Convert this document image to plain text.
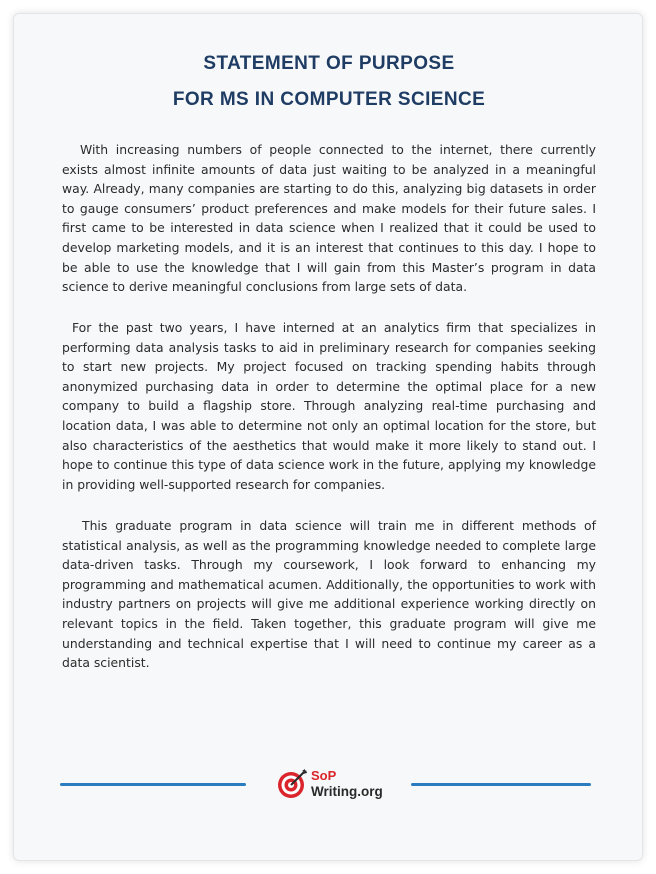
STATEMENT OF PURPOSE
FOR MS IN COMPUTER SCIENCE

With increasing numbers of people connected to the internet, there currently exists almost infinite amounts of data just waiting to be analyzed in a meaningful way. Already, many companies are starting to do this, analyzing big datasets in order to gauge consumers’ product preferences and make models for their future sales. I first came to be interested in data science when I realized that it could be used to develop marketing models, and it is an interest that continues to this day. I hope to be able to use the knowledge that I will gain from this Master’s program in data science to derive meaningful conclusions from large sets of data.

For the past two years, I have interned at an analytics firm that specializes in performing data analysis tasks to aid in preliminary research for companies seeking to start new projects. My project focused on tracking spending habits through anonymized purchasing data in order to determine the optimal place for a new company to build a flagship store. Through analyzing real-time purchasing and location data, I was able to determine not only an optimal location for the store, but also characteristics of the aesthetics that would make it more likely to stand out. I hope to continue this type of data science work in the future, applying my knowledge in providing well-supported research for companies.

This graduate program in data science will train me in different methods of statistical analysis, as well as the programming knowledge needed to complete large data-driven tasks. Through my coursework, I look forward to enhancing my programming and mathematical acumen. Additionally, the opportunities to work with industry partners on projects will give me additional experience working directly on relevant topics in the field. Taken together, this graduate program will give me understanding and technical expertise that I will need to continue my career as a data scientist.

SoP
Writing.org
